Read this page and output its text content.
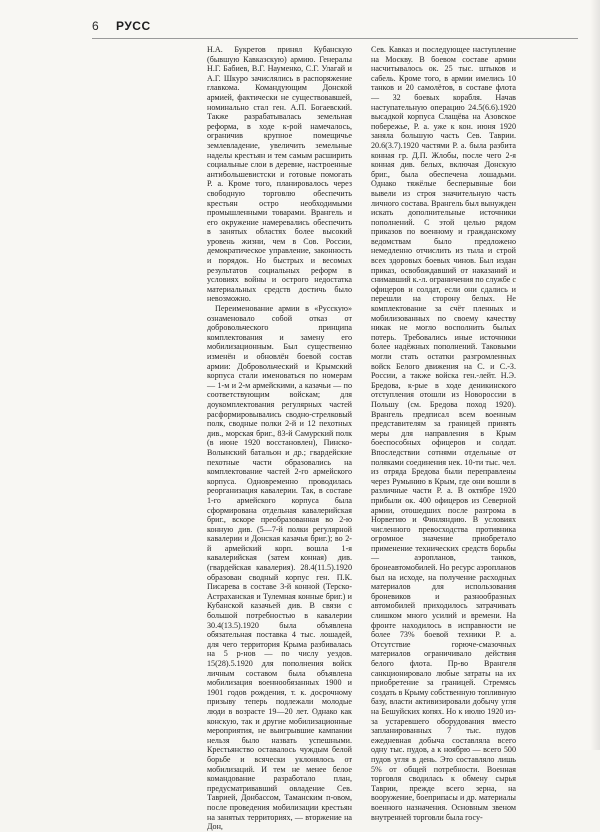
6	РУСС

Н.А. Букретов принял Кубанскую (бывшую Кавказскую) армию. Генералы Н.Г. Бабиев, В.Г. Науменко, С.Г. Улагай и А.Г. Шкуро зачислялись в распоряжение главкома. Командующим Донской армией, фактически не существовавшей, номинально стал ген. А.П. Богаевский. Также разрабатывалась земельная реформа, в ходе к-рой намечалось, ограничив крупное помещичье землевладение, увеличить земельные наделы крестьян и тем самым расширить социальные слои в деревне, настроенные антибольшевистски и готовые помогать Р. а. Кроме того, планировалось через свободную торговлю обеспечить крестьян остро необходимыми промышленными товарами. Врангель и его окружение намеревались обеспечить в занятых областях более высокий уровень жизни, чем в Сов. России, демократическое управление, законность и порядок. Но быстрых и весомых результатов социальных реформ в условиях войны и острого недостатка материальных средств достичь было невозможно.

Переименование армии в «Русскую» ознаменовало собой отказ от добровольческого принципа комплектования и замену его мобилизационным. Был существенно изменён и обновлён боевой состав армии: Добровольческий и Крымский корпуса стали именоваться по номерам — 1-м и 2-м армейскими, а казачьи — по соответствующим войскам; для доукомплектования регулярных частей расформировывались сводно-стрелковый полк, сводные полки 2-й и 12 пехотных див., морская бриг., 83-й Самурский полк (в июне 1920 восстановлен), Пинско-Волынский батальон и др.; гвардейские пехотные части образовались на комплектование частей 2-го армейского корпуса. Одновременно проводилась реорганизация кавалерии. Так, в составе 1-го армейского корпуса была сформирована отдельная кавалерийская бриг., вскоре преобразованная во 2-ю конную див. (5—7-й полки регулярной кавалерии и Донская казачья бриг.); во 2-й армейский корп. вошла 1-я кавалерийская (затем конная) див. (гвардейская кавалерия). 28.4(11.5).1920 образован сводный корпус ген. П.К. Писарева в составе 3-й конной (Терско-Астраханская и Тулемная конные бриг.) и Кубанской казачьей див. В связи с большой потребностью в кавалерии 30.4(13.5).1920 была объявлена обязательная поставка 4 тыс. лошадей, для чего территория Крыма разбивалась на 5 р-нов — по числу уездов. 15(28).5.1920 для пополнения войск личным составом была объявлена мобилизация военнообязанных 1900 и 1901 годов рождения, т. к. досрочному призыву теперь подлежали молодые люди в возрасте 19—20 лет. Однако как конскую, так и другие мобилизационные мероприятия, не выигрывшие кампании нельзя было назвать успешными. Крестьянство оставалось чуждым белой борьбе и всячески уклонялось от мобилизаций. И тем не менее белое командование разработало план, предусматривавший овладение Сев. Таврией, Донбассом, Таманским п-овом, после проведения мобилизации крестьян на занятых территориях, — вторжение на Дон,

Сев. Кавказ и последующее наступление на Москву. В боевом составе армии насчитывалось ок. 25 тыс. штыков и сабель. Кроме того, в армии имелись 10 танков и 20 самолётов, в составе флота — 32 боевых корабля. Начав наступательную операцию 24.5(6.6).1920 высадкой корпуса Слащёва на Азовское побережье, Р. а. уже к кон. июня 1920 заняла большую часть Сев. Таврии. 20.6(3.7).1920 частями Р. а. была разбита конная гр. Д.П. Жлобы, после чего 2-я конная див. белых, включая Донскую бриг., была обеспечена лошадьми. Однако тяжёлые бесперывные бои вывели из строя значительную часть личного состава. Врангель был вынужден искать дополнительные источники пополнений. С этой целью рядом приказов по военному и гражданскому ведомствам было предложено немедленно отчислить из тыла и строй всех здоровых боевых чинов. Был издан приказ, освобождавший от наказаний и снимавший к.-л. ограничения по службе с офицеров и солдат, если они сдались и перешли на сторону белых. Не комплектование за счёт пленных и мобилизованных по своему качеству никак не могло восполнить былых потерь. Требовались иные источники более надёжных пополнений. Таковыми могли стать остатки разгромленных войск Белого движения на С. и С.-З. России, а также войска ген.-лейт. Н.Э. Бредова, к-рые в ходе деникинского отступления отошли из Новороссии в Польшу (см. Бредова поход 1920). Врангель предписал всем военным представителям за границей принять меры для направления в Крым боеспособных офицеров и солдат. Впоследствии сотнями отдельные от поляками соединения нек. 10-ти тыс. чел. из отряда Бредова были переправлены через Румынию в Крым, где они вошли в различные части Р. а. В октябре 1920 прибыли ок. 400 офицеров из Северной армии, отошедших после разгрома в Норвегию и Финляндию. В условиях численного превосходства противника огромное значение приобретало применение технических средств борьбы — аэропланов, танков, бронеавтомобилей. Но ресурс аэропланов был на исходе, на получение расходных материалов для использования броневиков и разнообразных автомобилей приходилось затрачивать слишком много усилий и времени. На фронте находилось в исправности не более 73% боевой техники Р. а. Отсутствие горюче-смазочных материалов ограничивало действия белого флота. Пр-во Врангеля санкционировало любые затраты на их приобретение за границей. Стремясь создать в Крыму собственную топливную базу, власти активизировали добычу угля на Бешуйских копях. Но к июлю 1920 из-за устаревшего оборудования вместо запланированных 7 тыс. пудов ежедневная добыча составляла всего одну тыс. пудов, а к ноябрю — всего 500 пудов угля в день. Это составляло лишь 5% от общей потребности. Военная торговля сводилась к обмену сырья Таврии, прежде всего зерна, на вооружение, боеприпасы и др. материалы военного назначения. Основным звеном внутренней торговли была госу-
